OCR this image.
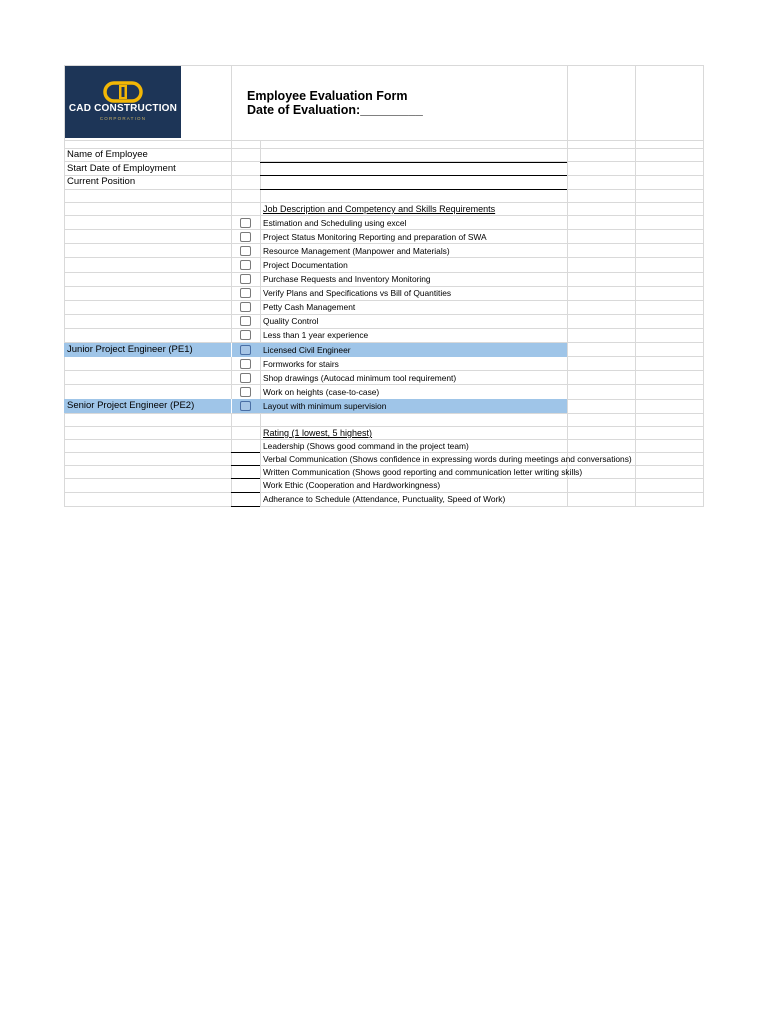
CAD CONSTRUCTION
CORPORATION
Employee Evaluation Form
Date of Evaluation:_________
Name of Employee
Start Date of Employment
Current Position
Job Description and Competency and Skills Requirements
Junior Project Engineer (PE1)
Senior Project Engineer (PE2)
Estimation and Scheduling using excel
Project Status Monitoring Reporting and preparation of SWA
Resource Management (Manpower and Materials)
Project Documentation
Purchase Requests and Inventory Monitoring
Verify Plans and Specifications vs Bill of Quantities
Petty Cash Management
Quality Control
Less than 1 year experience
Licensed Civil Engineer
Formworks for stairs
Shop drawings (Autocad minimum tool requirement)
Work on heights (case-to-case)
Layout with minimum supervision
Rating (1 lowest, 5 highest)
Leadership (Shows good command in the project team)
Verbal Communication (Shows confidence in expressing words during meetings and conversations)
Written Communication (Shows good reporting and communication letter writing skills)
Work Ethic (Cooperation and Hardworkingness)
Adherance to Schedule (Attendance, Punctuality, Speed of Work)
